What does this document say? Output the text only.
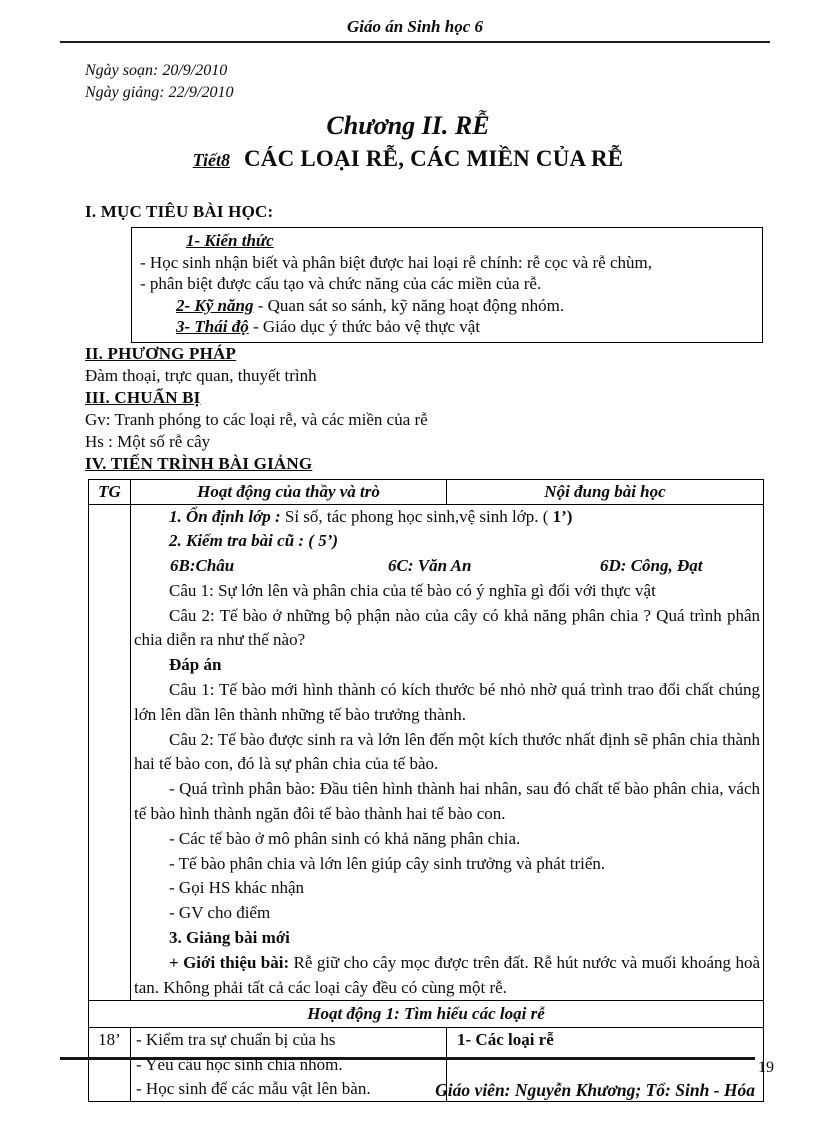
Giáo án Sinh học 6
Ngày soạn: 20/9/2010
Ngày giảng: 22/9/2010
Chương II. RỄ
Tiết8 CÁC LOẠI RỄ, CÁC MIỀN CỦA RỄ
I. MỤC TIÊU BÀI HỌC:
1- Kiến thức
- Học sinh nhận biết và phân biệt được hai loại rễ chính: rễ cọc và rễ chùm,
- phân biệt được cấu tạo và chức năng của các miền của rễ.
2- Kỹ năng - Quan sát so sánh, kỹ năng hoạt động nhóm.
3- Thái độ - Giáo dục ý thức bảo vệ thực vật
II. PHƯƠNG PHÁP
Đàm thoại, trực quan, thuyết trình
III. CHUẨN BỊ
Gv: Tranh phóng to các loại rễ, và các miền của rễ
Hs : Một số rễ cây
IV. TIẾN TRÌNH BÀI GIẢNG
TG	Hoạt động của thầy và trò	Nội đung bài học

1. Ổn định lớp : Sỉ số, tác phong học sinh,vệ sinh lớp. ( 1’)

2. Kiểm tra bài cũ : ( 5’)

6B:Châu	6C: Văn An	6D: Công, Đạt

Câu 1: Sự lớn lên và phân chia của tế bào có ý nghĩa gì đối với thực vật

Câu 2: Tế bào ở những bộ phận nào của cây có khả năng phân chia ? Quá trình phân chia diễn ra như thế nào?

Đáp án

Câu 1: Tế bào mới hình thành có kích thước bé nhỏ nhờ quá trình trao đổi chất chúng lớn lên dần lên thành những tế bào trưởng thành.

Câu 2: Tế bào được sinh ra và lớn lên đến một kích thước nhất định sẽ phân chia thành hai tế bào con, đó là sự phân chia của tế bào.

- Quá trình phân bào: Đầu tiên hình thành hai nhân, sau đó chất tế bào phân chia, vách tế bào hình thành ngăn đôi tế bào thành hai tế bào con.

- Các tế bào ở mô phân sinh có khả năng phân chia.

- Tế bào phân chia và lớn lên giúp cây sinh trưởng và phát triển.

- Gọi HS khác nhận

- GV cho điểm

3. Giảng bài mới

+ Giới thiệu bài: Rễ giữ cho cây mọc được trên đất. Rễ hút nước và muối khoáng hoà tan. Không phải tất cả các loại cây đều có cùng một rễ.

Hoạt động 1: Tìm hiểu các loại rễ		
18’	- Kiểm tra sự chuẩn bị của hs
- Yêu cầu học sinh chia nhóm.
- Học sinh để các mẫu vật lên bàn.	1- Các loại rễ
19
Giáo viên: Nguyễn Khương; Tổ: Sinh - Hóa
